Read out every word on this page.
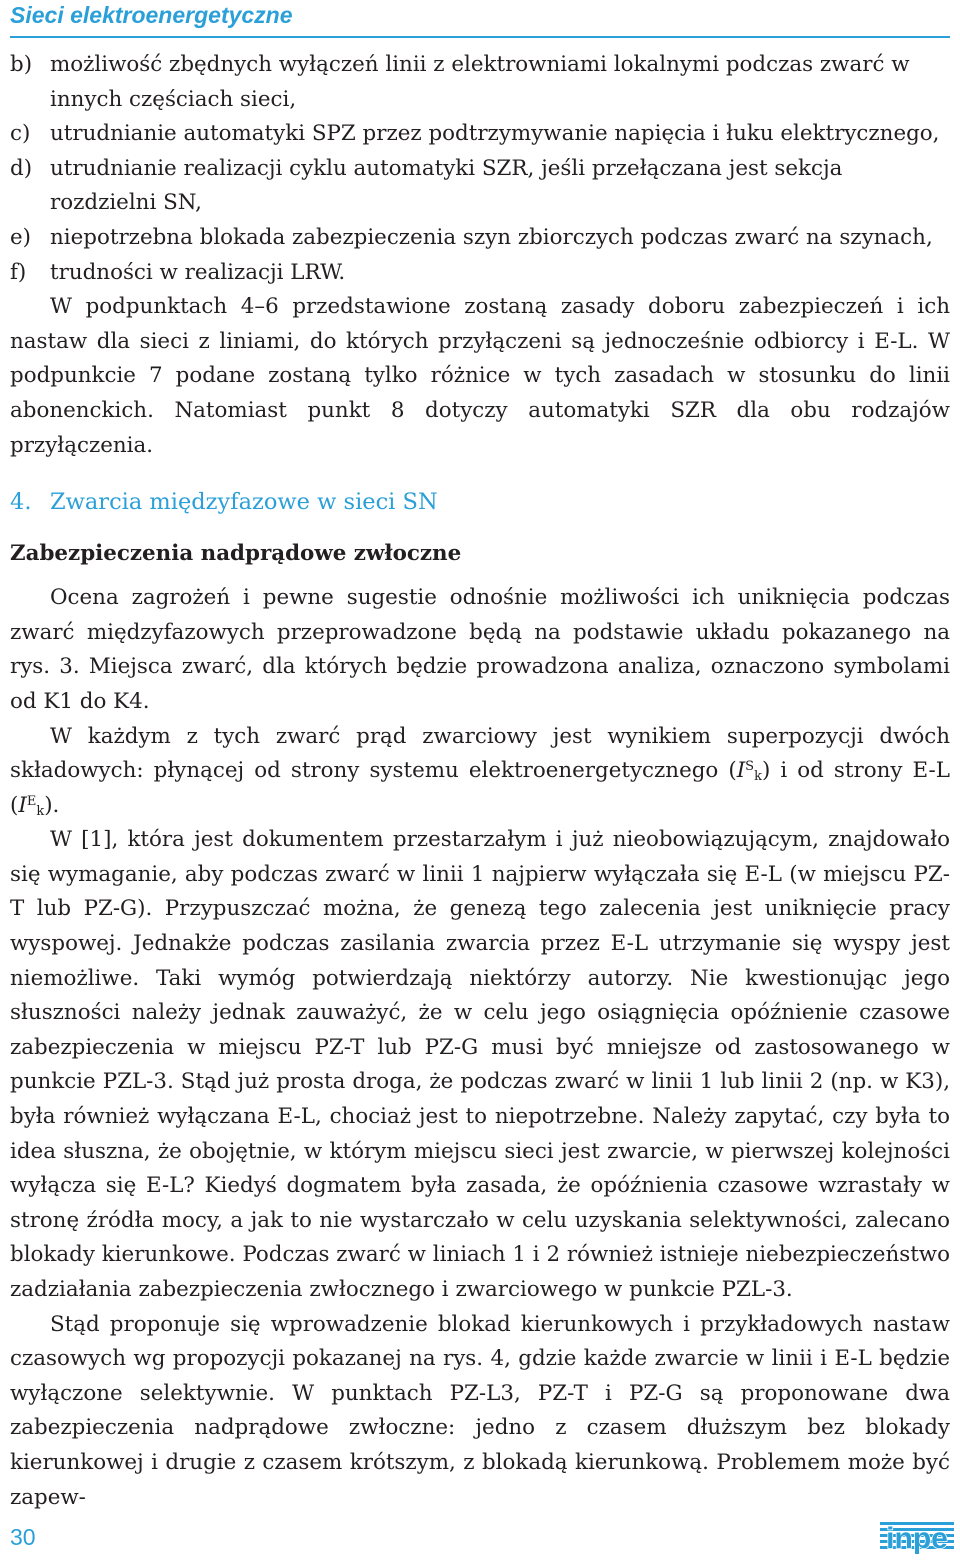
Sieci elektroenergetyczne
b) możliwość zbędnych wyłączeń linii z elektrowniami lokalnymi podczas zwarć w innych częściach sieci,
c) utrudnianie automatyki SPZ przez podtrzymywanie napięcia i łuku elektrycznego,
d) utrudnianie realizacji cyklu automatyki SZR, jeśli przełączana jest sekcja rozdzielni SN,
e) niepotrzebna blokada zabezpieczenia szyn zbiorczych podczas zwarć na szynach,
f)	trudności w realizacji LRW.

W podpunktach 4–6 przedstawione zostaną zasady doboru zabezpieczeń i ich nastaw dla sieci z liniami, do których przyłączeni są jednocześnie odbiorcy i E-L. W podpunkcie 7 podane zostaną tylko różnice w tych zasadach w stosunku do linii abonenckich. Natomiast punkt 8 dotyczy automatyki SZR dla obu rodzajów przyłączenia.

4. Zwarcia międzyfazowe w sieci SN

Zabezpieczenia nadprądowe zwłoczne

Ocena zagrożeń i pewne sugestie odnośnie możliwości ich uniknięcia podczas zwarć międzyfazowych przeprowadzone będą na podstawie układu pokazanego na rys. 3. Miejsca zwarć, dla których będzie prowadzona analiza, oznaczono symbolami od K1 do K4.

W każdym z tych zwarć prąd zwarciowy jest wynikiem superpozycji dwóch składowych: płynącej od strony systemu elektroenergetycznego $(I^S_k)$ i od strony E-L $(I^E_k)$.

W [1], która jest dokumentem przestarzałym i już nieobowiązującym, znajdowało się wymaganie, aby podczas zwarć w linii 1 najpierw wyłączała się E-L (w miejscu PZ-T lub PZ-G). Przypuszczać można, że genezą tego zalecenia jest uniknięcie pracy wyspowej. Jednakże podczas zasilania zwarcia przez E-L utrzymanie się wyspy jest niemożliwe. Taki wymóg potwierdzają niektórzy autorzy. Nie kwestionując jego słuszności należy jednak zauważyć, że w celu jego osiągnięcia opóźnienie czasowe zabezpieczenia w miejscu PZ-T lub PZ-G musi być mniejsze od zastosowanego w punkcie PZL-3. Stąd już prosta droga, że podczas zwarć w linii 1 lub linii 2 (np. w K3), była również wyłączana E-L, chociaż jest to niepotrzebne. Należy zapytać, czy była to idea słuszna, że obojętnie, w którym miejscu sieci jest zwarcie, w pierwszej kolejności wyłącza się E-L? Kiedyś dogmatem była zasada, że opóźnienia czasowe wzrastały w stronę źródła mocy, a jak to nie wystarczało w celu uzyskania selektywności, zalecano blokady kierunkowe. Podczas zwarć w liniach 1 i 2 również istnieje niebezpieczeństwo zadziałania zabezpieczenia zwłocznego i zwarciowego w punkcie PZL-3.

Stąd proponuje się wprowadzenie blokad kierunkowych i przykładowych nastaw czasowych wg propozycji pokazanej na rys. 4, gdzie każde zwarcie w linii i E-L będzie wyłączone selektywnie. W punktach PZ-L3, PZ-T i PZ-G są proponowane dwa zabezpieczenia nadprądowe zwłoczne: jedno z czasem dłuższym bez blokady kierunkowej i drugie z czasem krótszym, z blokadą kierunkową. Problemem może być zapew-

30	inpe
